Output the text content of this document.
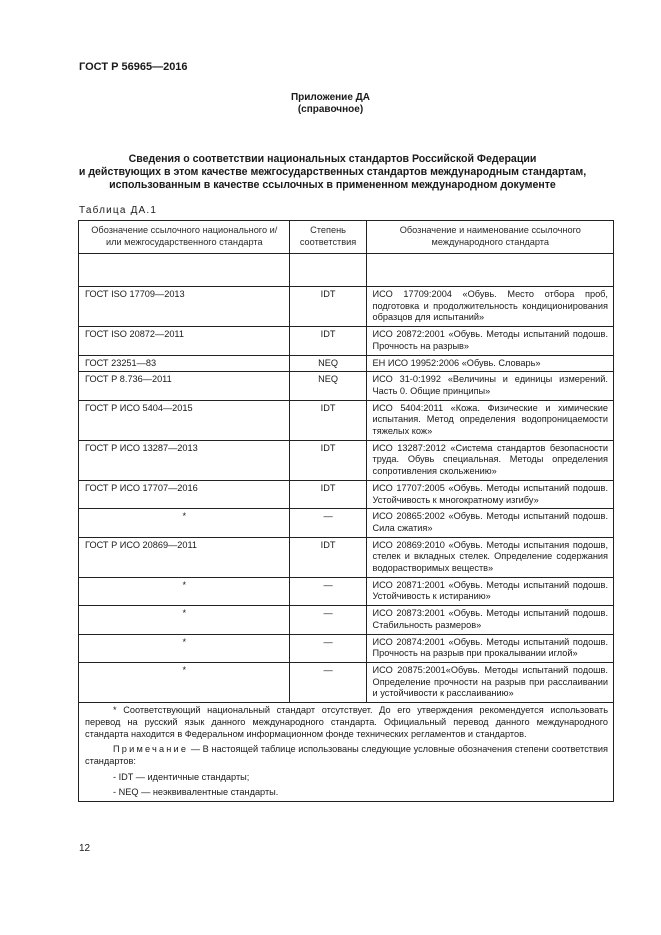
ГОСТ Р 56965—2016
Приложение ДА
(справочное)
Сведения о соответствии национальных стандартов Российской Федерации
и действующих в этом качестве межгосударственных стандартов международным стандартам,
использованным в качестве ссылочных в примененном международном документе
Таблица ДА.1
Обозначение ссылочного национального и/или межгосударственного стандарта	Степень соответствия	Обозначение и наименование ссылочного международного стандарта

ГОСТ ISO 17709—2013	IDT	ИСО 17709:2004 «Обувь. Место отбора проб, подготовка и продолжительность кондиционирования образцов для испытаний»
ГОСТ ISO 20872—2011	IDT	ИСО 20872:2001 «Обувь. Методы испытаний подошв. Прочность на разрыв»
ГОСТ 23251—83	NEQ	ЕН ИСО 19952:2006 «Обувь. Словарь»
ГОСТ Р 8.736—2011	NEQ	ИСО 31-0:1992 «Величины и единицы измерений. Часть 0. Общие принципы»
ГОСТ Р ИСО 5404—2015	IDT	ИСО 5404:2011 «Кожа. Физические и химические испытания. Метод определения водопроницаемости тяжелых кож»
ГОСТ Р ИСО 13287—2013	IDT	ИСО 13287:2012 «Система стандартов безопасности труда. Обувь специальная. Методы определения сопротивления скольжению»
ГОСТ Р ИСО 17707—2016	IDT	ИСО 17707:2005 «Обувь. Методы испытаний подошв. Устойчивость к многократному изгибу»
*	—	ИСО 20865:2002 «Обувь. Методы испытаний подошв. Сила сжатия»
ГОСТ Р ИСО 20869—2011	IDT	ИСО 20869:2010 «Обувь. Методы испытания подошв, стелек и вкладных стелек. Определение содержания водорастворимых веществ»
*	—	ИСО 20871:2001 «Обувь. Методы испытаний подошв. Устойчивость к истиранию»
*	—	ИСО 20873:2001 «Обувь. Методы испытаний подошв. Стабильность размеров»
*	—	ИСО 20874:2001 «Обувь. Методы испытаний подошв. Прочность на разрыв при прокалывании иглой»
*	—	ИСО 20875:2001«Обувь. Методы испытаний подошв. Определение прочности на разрыв при расслаивании и устойчивости к расслаиванию»

* Соответствующий национальный стандарт отсутствует. До его утверждения рекомендуется использовать перевод на русский язык данного международного стандарта. Официальный перевод данного международного стандарта находится в Федеральном информационном фонде технических регламентов и стандартов.

Примечание — В настоящей таблице использованы следующие условные обозначения степени соответствия стандартов:

- IDT — идентичные стандарты;
- NEQ — неэквивалентные стандарты.		
12
